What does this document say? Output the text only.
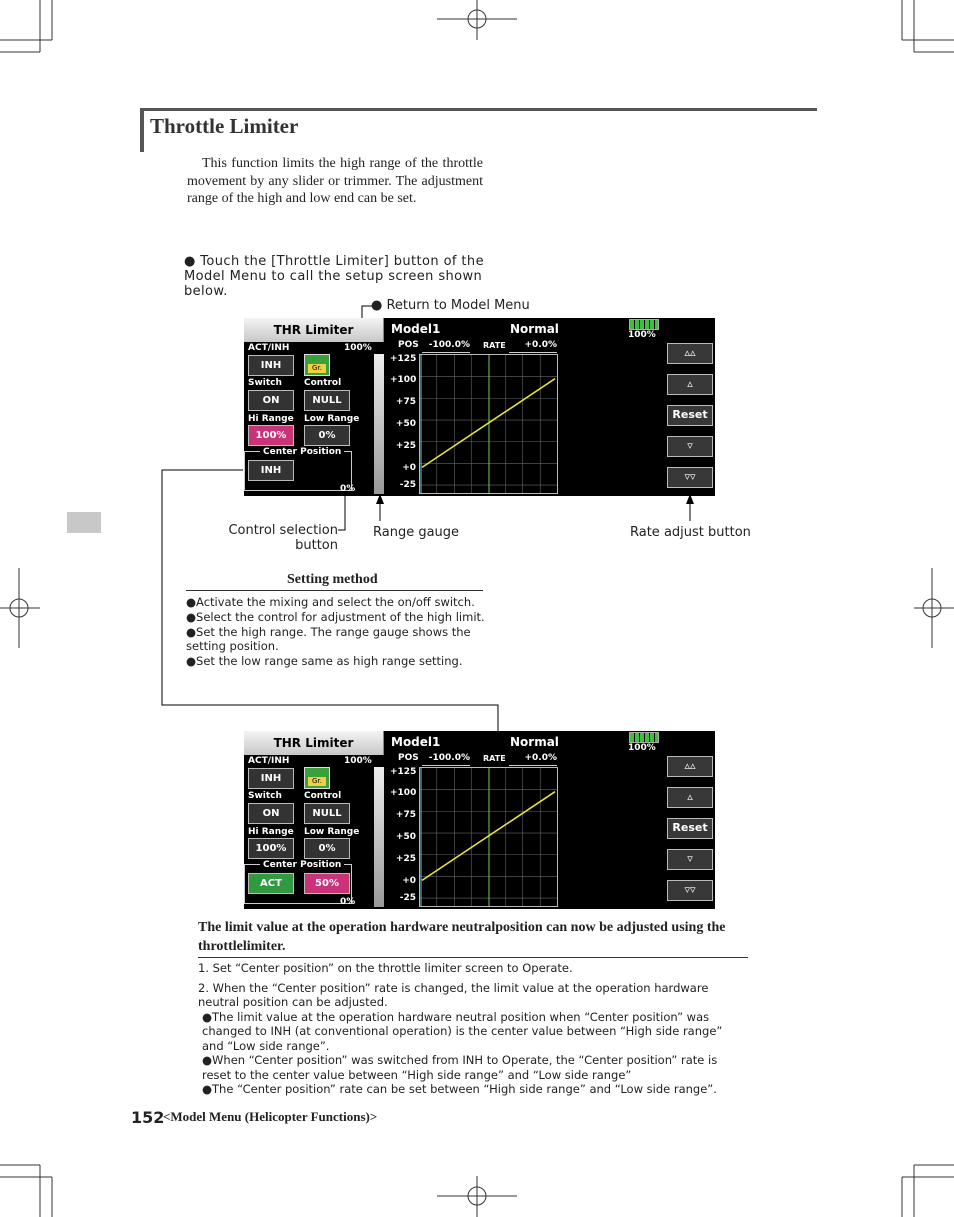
Throttle Limiter
This function limits the high range of the throttle movement by any slider or trimmer. The adjustment range of the high and low end can be set.
● Touch the [Throttle Limiter] button of the Model Menu to call the setup screen shown below.
● Return to Model Menu
Control selection button
Range gauge	Rate adjust button
THR Limiter	Model1	Normal	100%
ACT/INH	100%
INH	Gr.
Switch Control
ON	NULL
Hi Range Low Range
100%	0%
Center Position
INH
0%
POS	-100.0% RATE	+0.0%
+125
+100
+75
+50
+25
+0
-25
▵▵
▵
Reset
▿
▿▿
Setting method
●Activate the mixing and select the on/off switch.
●Select the control for adjustment of the high limit.
●Set the high range. The range gauge shows the setting position.
●Set the low range same as high range setting.
THR Limiter	Model1	Normal	100%
ACT/INH	100%
INH	Gr.
Switch Control
ON	NULL
Hi Range Low Range
100%	0%
Center Position
ACT	50%
0%
POS	-100.0% RATE	+0.0%
+125
+100
+75
+50
+25
+0
-25
▵▵
▵
Reset
▿
▿▿
The limit value at the operation hardware neutralposition can now be adjusted using the throttlelimiter.
1. Set “Center position” on the throttle limiter screen to Operate.
2. When the “Center position” rate is changed, the limit value at the operation hardware neutral position can be adjusted.
●The limit value at the operation hardware neutral position when “Center position” was changed to INH (at conventional operation) is the center value between “High side range” and “Low side range”.
●When “Center position” was switched from INH to Operate, the “Center position” rate is reset to the center value between “High side range” and “Low side range”
●The “Center position” rate can be set between “High side range” and “Low side range”.
152
<Model Menu (Helicopter Functions)>
